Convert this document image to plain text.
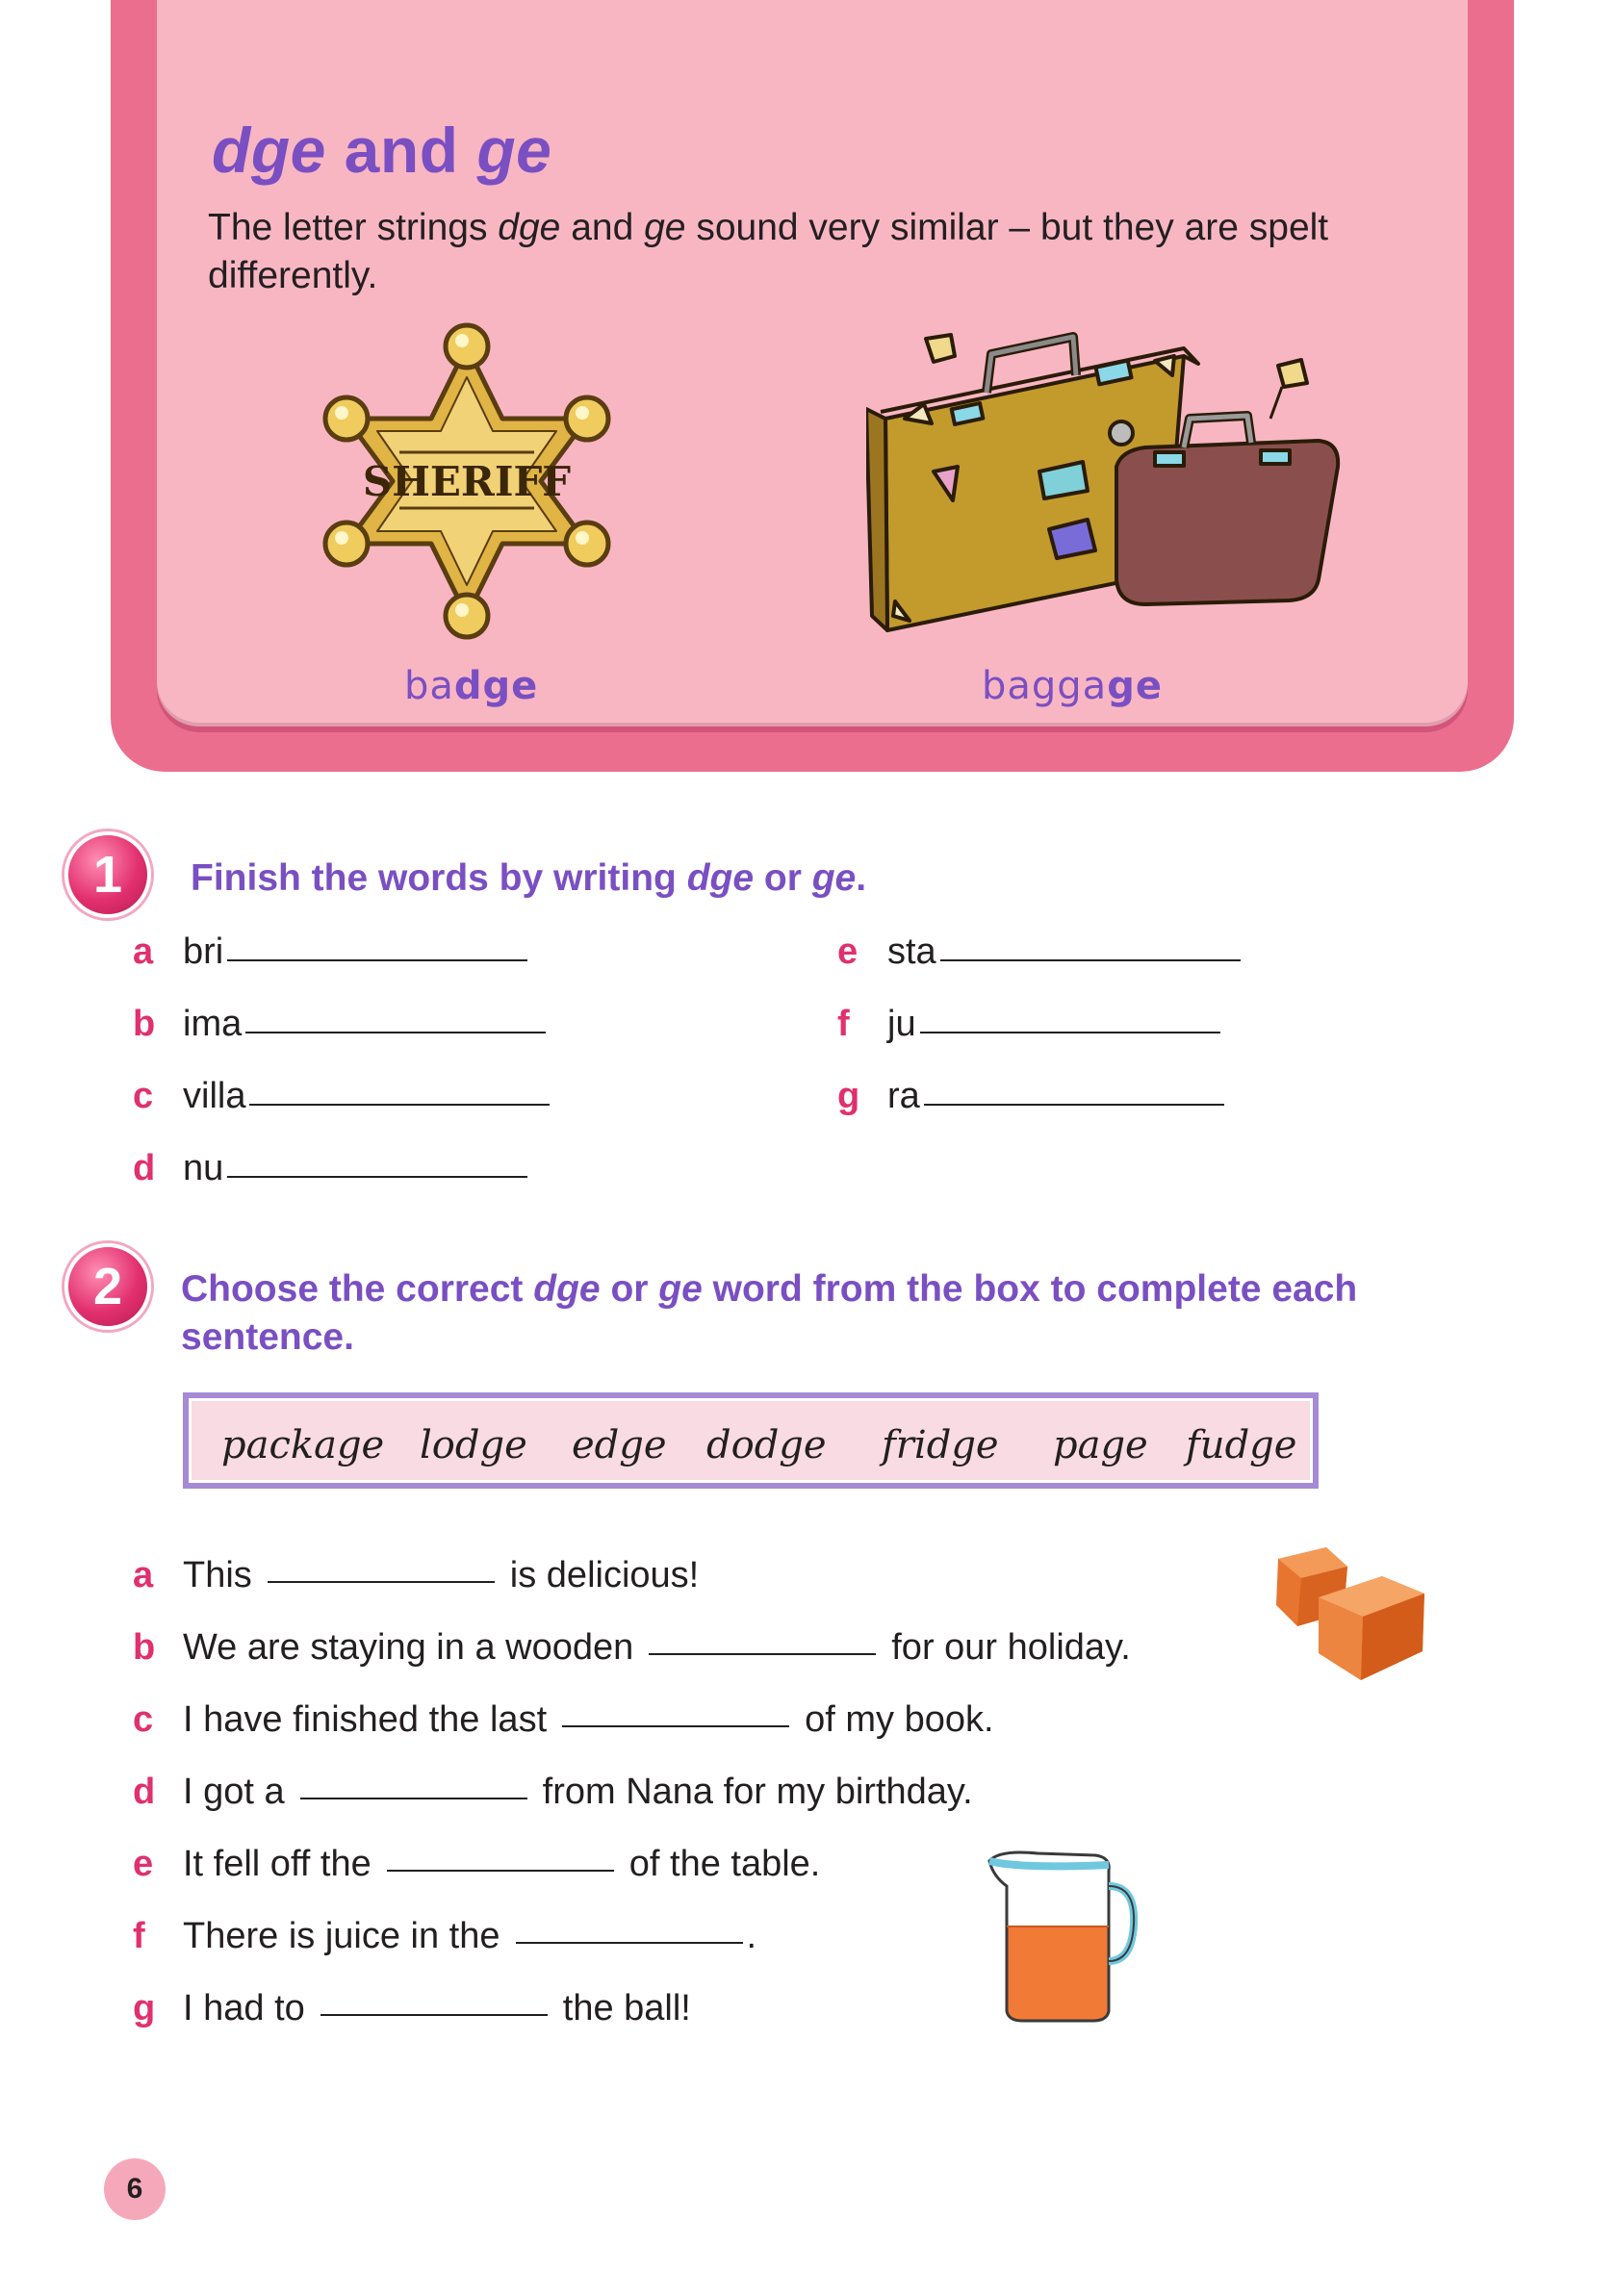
dge and ge

The letter strings dge and ge sound very similar – but they are spelt differently.

SHERIFF
badge	baggage
1	Finish the words by writing dge or ge.

a bri
b ima
c villa
d nu
e sta
f	ju
g ra
2	Choose the correct dge or ge word from the box to complete each sentence.

package lodge edge dodge fridge page fudge
a This	is delicious!
b We are staying in a wooden	for our holiday.
c I have finished the last	of my book.
d I got a	from Nana for my birthday.
e It fell off the	of the table.
f	There is juice in the	.
g I had to	the ball!
6
